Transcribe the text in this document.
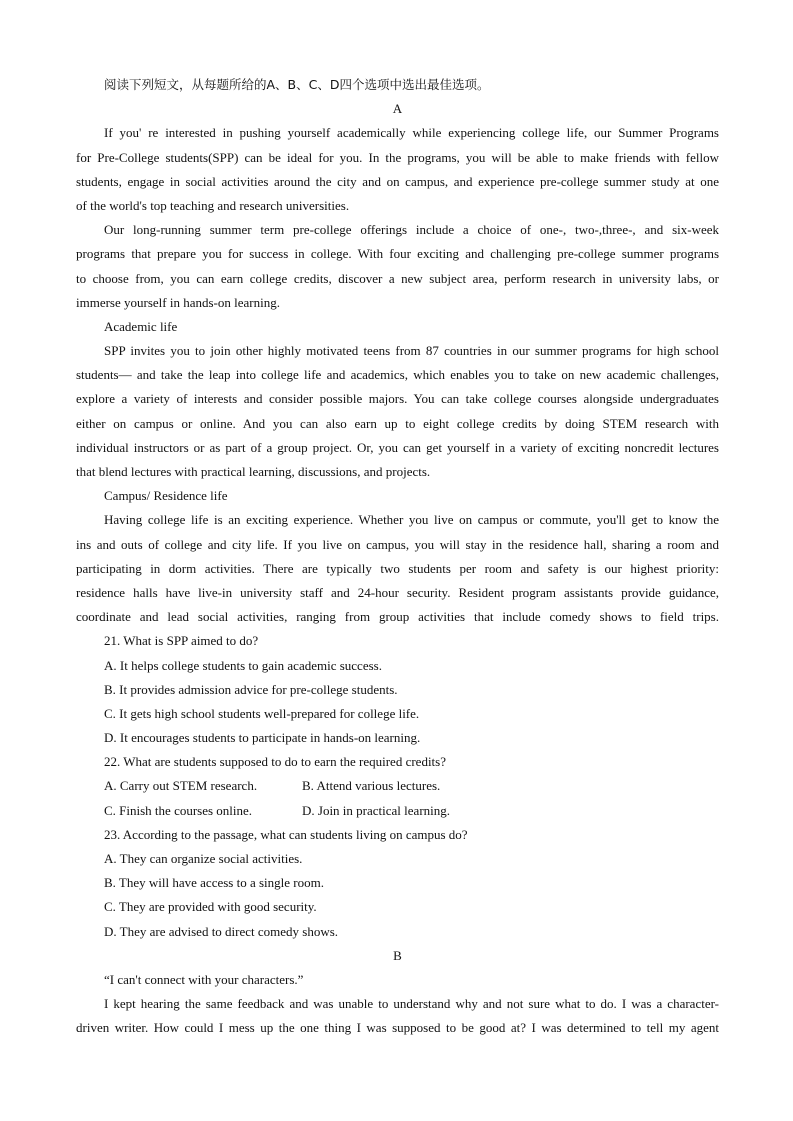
阅读下列短文，从每题所给的A、B、C、D四个选项中选出最佳选项。
A
If you' re interested in pushing yourself academically while experiencing college life, our Summer Programs
for Pre-College students(SPP) can be ideal for you. In the programs, you will be able to make friends with fellow
students, engage in social activities around the city and on campus, and experience pre-college summer study at one
of the world's top teaching and research universities.
Our long-running summer term pre-college offerings include a choice of one-, two-,three-, and six-week
programs that prepare you for success in college. With four exciting and challenging pre-college summer programs
to choose from, you can earn college credits, discover a new subject area, perform research in university labs, or
immerse yourself in hands-on learning.
Academic life
SPP invites you to join other highly motivated teens from 87 countries in our summer programs for high school
students— and take the leap into college life and academics, which enables you to take on new academic challenges,
explore a variety of interests and consider possible majors. You can take college courses alongside undergraduates
either on campus or online. And you can also earn up to eight college credits by doing STEM research with
individual instructors or as part of a group project. Or, you can get yourself in a variety of exciting noncredit lectures
that blend lectures with practical learning, discussions, and projects.
Campus/ Residence life
Having college life is an exciting experience. Whether you live on campus or commute, you'll get to know the
ins and outs of college and city life. If you live on campus, you will stay in the residence hall, sharing a room and
participating in dorm activities. There are typically two students per room and safety is our highest priority:
residence halls have live-in university staff and 24-hour security. Resident program assistants provide guidance,
coordinate and lead social activities, ranging from group activities that include comedy shows to field trips.
21. What is SPP aimed to do?
A. It helps college students to gain academic success.
B. It provides admission advice for pre-college students.
C. It gets high school students well-prepared for college life.
D. It encourages students to participate in hands-on learning.
22. What are students supposed to do to earn the required credits?
A. Carry out STEM research.	B. Attend various lectures.
C. Finish the courses online.	D. Join in practical learning.
23. According to the passage, what can students living on campus do?
A. They can organize social activities.
B. They will have access to a single room.
C. They are provided with good security.
D. They are advised to direct comedy shows.
B
“I can't connect with your characters.”
I kept hearing the same feedback and was unable to understand why and not sure what to do. I was a character-
driven writer. How could I mess up the one thing I was supposed to be good at? I was determined to tell my agent
